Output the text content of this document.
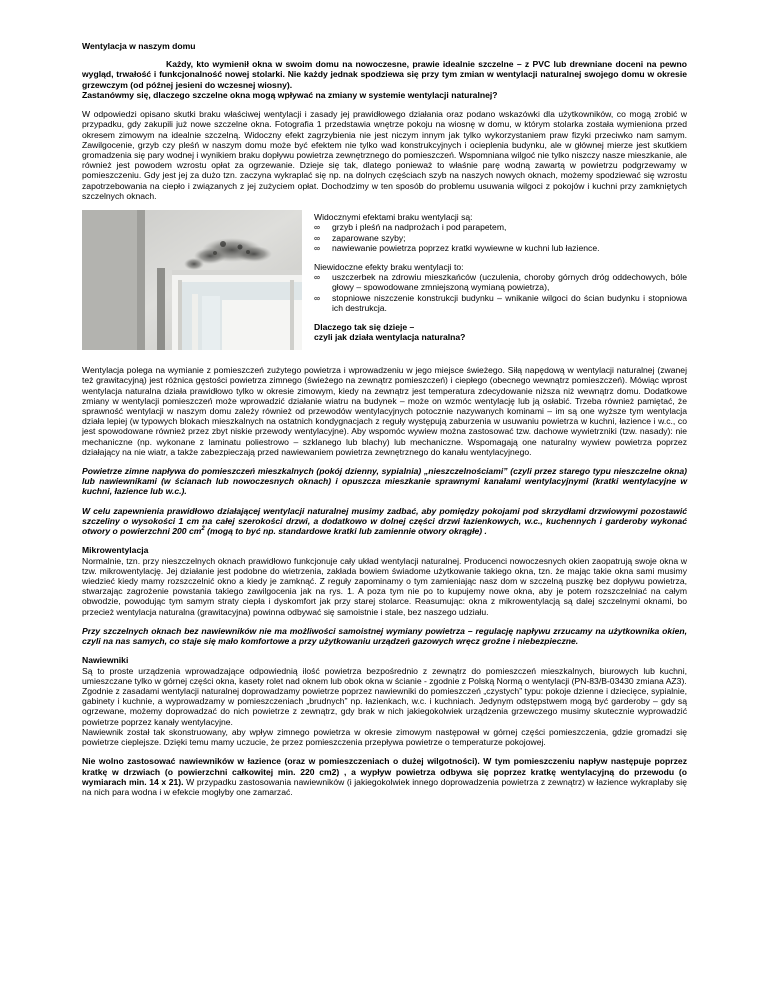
Wentylacja w naszym domu

Każdy, kto wymienił okna w swoim domu na nowoczesne, prawie idealnie szczelne – z PVC lub drewniane doceni na pewno wygląd, trwałość i funkcjonalność nowej stolarki. Nie każdy jednak spodziewa się przy tym zmian w wentylacji naturalnej swojego domu w okresie grzewczym (od późnej jesieni do wczesnej wiosny).
Zastanówmy się, dlaczego szczelne okna mogą wpływać na zmiany w systemie wentylacji naturalnej?

W odpowiedzi opisano skutki braku właściwej wentylacji i zasady jej prawidłowego działania oraz podano wskazówki dla użytkowników, co mogą zrobić w przypadku, gdy zakupili już nowe szczelne okna. Fotografia 1 przedstawia wnętrze pokoju na wiosnę w domu, w którym stolarka została wymieniona przed okresem zimowym na idealnie szczelną. Widoczny efekt zagrzybienia nie jest niczym innym jak tylko wykorzystaniem praw fizyki przeciwko nam samym. Zawilgocenie, grzyb czy pleśń w naszym domu może być efektem nie tylko wad konstrukcyjnych i ocieplenia budynku, ale w głównej mierze jest skutkiem gromadzenia się pary wodnej i wynikiem braku dopływu powietrza zewnętrznego do pomieszczeń. Wspomniana wilgoć nie tylko niszczy nasze mieszkanie, ale również jest powodem wzrostu opłat za ogrzewanie. Dzieje się tak, dlatego ponieważ to właśnie parę wodną zawartą w powietrzu podgrzewamy w pomieszczeniu. Gdy jest jej za dużo tzn. zaczyna wykraplać się np. na dolnych częściach szyb na naszych nowych oknach, możemy spodziewać się wzrostu zapotrzebowania na ciepło i związanych z jej zużyciem opłat. Dochodzimy w ten sposób do problemu usuwania wilgoci z pokojów i kuchni przy zamkniętych szczelnych oknach.

Widocznymi efektami braku wentylacji są:

∞	grzyb i pleśń na nadprożach i pod parapetem,
∞	zaparowane szyby;
∞	nawiewanie powietrza poprzez kratki wywiewne w kuchni lub łazience.

Niewidoczne efekty braku wentylacji to:

∞	uszczerbek na zdrowiu mieszkańców (uczulenia, choroby górnych dróg oddechowych, bóle głowy – spowodowane zmniejszoną wymianą powietrza),
∞	stopniowe niszczenie konstrukcji budynku – wnikanie wilgoci do ścian budynku i stopniowa ich destrukcja.

Dlaczego tak się dzieje –
czyli jak działa wentylacja naturalna?

Wentylacja polega na wymianie z pomieszczeń zużytego powietrza i wprowadzeniu w jego miejsce świeżego. Siłą napędową w wentylacji naturalnej (zwanej też grawitacyjną) jest różnica gęstości powietrza zimnego (świeżego na zewnątrz pomieszczeń) i ciepłego (obecnego wewnątrz pomieszczeń). Mówiąc wprost wentylacja naturalna działa prawidłowo tylko w okresie zimowym, kiedy na zewnątrz jest temperatura zdecydowanie niższa niż wewnątrz domu. Dodatkowe zmiany w wentylacji pomieszczeń może wprowadzić działanie wiatru na budynek – może on wzmóc wentylację lub ją osłabić. Trzeba również pamiętać, że sprawność wentylacji w naszym domu zależy również od przewodów wentylacyjnych potocznie nazywanych kominami – im są one wyższe tym wentylacja działa lepiej (w typowych blokach mieszkalnych na ostatnich kondygnacjach z reguły występują zaburzenia w usuwaniu powietrza w kuchni, łazience i w.c., co jest spowodowane również przez zbyt niskie przewody wentylacyjne). Aby wspomóc wywiew można zastosować tzw. dachowe wywietrzniki (tzw. nasady): nie mechaniczne (np. wykonane z laminatu poliestrowo – szklanego lub blachy) lub mechaniczne. Wspomagają one naturalny wywiew powietrza poprzez działający na nie wiatr, a także zabezpieczają przed nawiewaniem powietrza zewnętrznego do kanału wentylacyjnego.

Powietrze zimne napływa do pomieszczeń mieszkalnych (pokój dzienny, sypialnia) „nieszczelnościami” (czyli przez starego typu nieszczelne okna) lub nawiewnikami (w ścianach lub nowoczesnych oknach) i opuszcza mieszkanie sprawnymi kanałami wentylacyjnymi (kratki wentylacyjne w kuchni, łazience lub w.c.).

W celu zapewnienia prawidłowo działającej wentylacji naturalnej musimy zadbać, aby pomiędzy pokojami pod skrzydłami drzwiowymi pozostawić szczeliny o wysokości 1 cm na całej szerokości drzwi, a dodatkowo w dolnej części drzwi łazienkowych, w.c., kuchennych i garderoby wykonać otwory o powierzchni 200 $cm^2$ (mogą to być np. standardowe kratki lub zamiennie otwory okrągłe) .

Mikrowentylacja

Normalnie, tzn. przy nieszczelnych oknach prawidłowo funkcjonuje cały układ wentylacji naturalnej. Producenci nowoczesnych okien zaopatrują swoje okna w tzw. mikrowentylację. Jej działanie jest podobne do wietrzenia, zakłada bowiem świadome użytkowanie takiego okna, tzn. że mając takie okna sami musimy wiedzieć kiedy mamy rozszczelnić okno a kiedy je zamknąć. Z reguły zapominamy o tym zamieniając nasz dom w szczelną puszkę bez dopływu powietrza, stwarzając zagrożenie powstania takiego zawilgocenia jak na rys. 1. A poza tym nie po to kupujemy nowe okna, aby je potem rozszczelniać na całym obwodzie, powodując tym samym straty ciepła i dyskomfort jak przy starej stolarce. Reasumując: okna z mikrowentylacją są dalej szczelnymi oknami, bo przecież wentylacja naturalna (grawitacyjna) powinna odbywać się samoistnie i stale, bez naszego udziału.

Przy szczelnych oknach bez nawiewników nie ma możliwości samoistnej wymiany powietrza – regulację napływu zrzucamy na użytkownika okien, czyli na nas samych, co staje się mało komfortowe a przy użytkowaniu urządzeń gazowych wręcz groźne i niebezpieczne.

Nawiewniki

Są to proste urządzenia wprowadzające odpowiednią ilość powietrza bezpośrednio z zewnątrz do pomieszczeń mieszkalnych, biurowych lub kuchni, umieszczane tylko w górnej części okna, kasety rolet nad oknem lub obok okna w ścianie - zgodnie z Polską Normą o wentylacji (PN-83/B-03430 zmiana AZ3).

Zgodnie z zasadami wentylacji naturalnej doprowadzamy powietrze poprzez nawiewniki do pomieszczeń „czystych” typu: pokoje dzienne i dziecięce, sypialnie, gabinety i kuchnie, a wyprowadzamy w pomieszczeniach „brudnych” np. łazienkach, w.c. i kuchniach. Jedynym odstępstwem mogą być garderoby – gdy są ogrzewane, możemy doprowadzać do nich powietrze z zewnątrz, gdy brak w nich jakiegokolwiek urządzenia grzewczego musimy skutecznie wyprowadzić powietrze poprzez kanały wentylacyjne.

Nawiewnik został tak skonstruowany, aby wpływ zimnego powietrza w okresie zimowym następował w górnej części pomieszczenia, gdzie gromadzi się powietrze cieplejsze. Dzięki temu mamy uczucie, że przez pomieszczenia przepływa powietrze o temperaturze pokojowej.

Nie wolno zastosować nawiewników w łazience (oraz w pomieszczeniach o dużej wilgotności). W tym pomieszczeniu napływ następuje poprzez kratkę w drzwiach (o powierzchni całkowitej min. 220 cm2) , a wypływ powietrza odbywa się poprzez kratkę wentylacyjną do przewodu (o wymiarach min. 14 x 21). W przypadku zastosowania nawiewników (i jakiegokolwiek innego doprowadzenia powietrza z zewnątrz) w łazience wykraplaby się na nich para wodna i w efekcie mogłyby one zamarzać.
